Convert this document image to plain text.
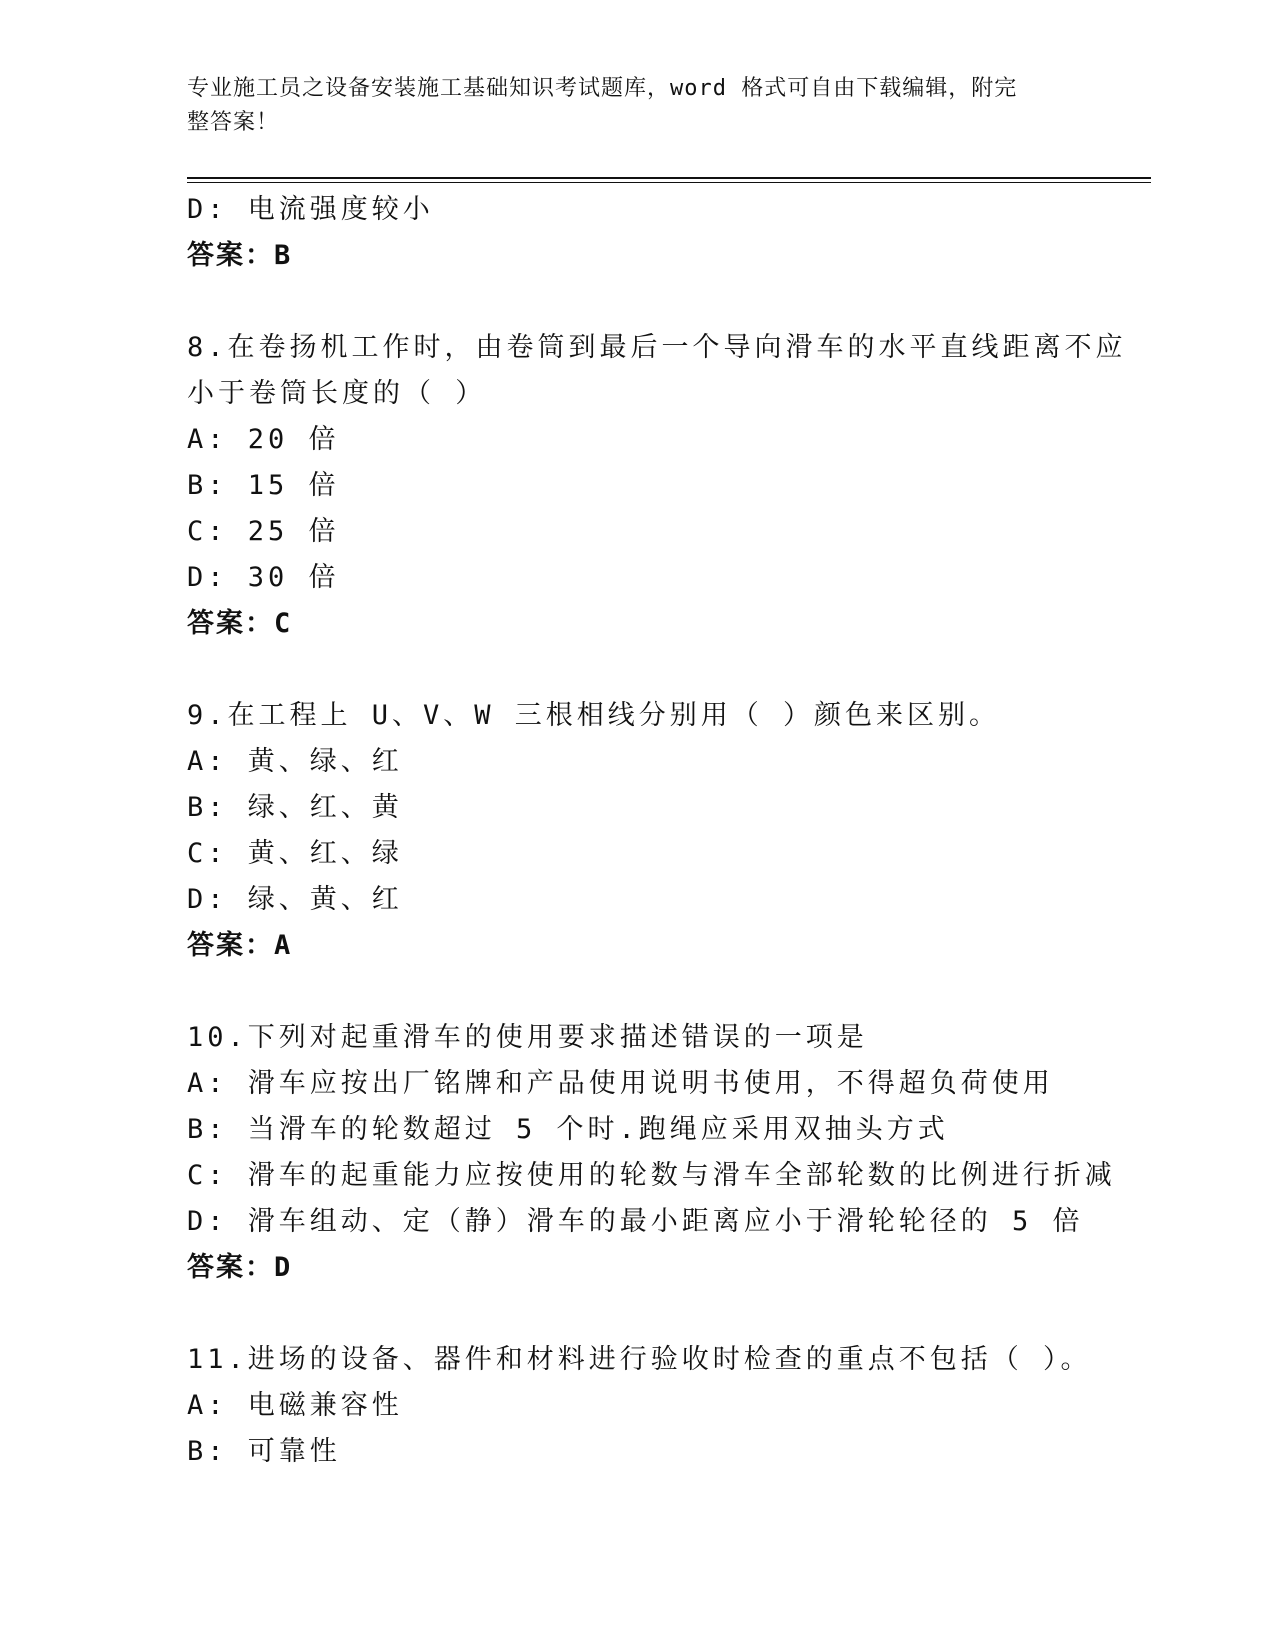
专业施工员之设备安装施工基础知识考试题库，word 格式可自由下载编辑，附完
整答案！
D: 电流强度较小
答案：B
8.在卷扬机工作时，由卷筒到最后一个导向滑车的水平直线距离不应
小于卷筒长度的（ ）
A: 20 倍
B: 15 倍
C: 25 倍
D: 30 倍
答案：C
9.在工程上 U、V、W 三根相线分别用（ ）颜色来区别。
A: 黄、绿、红
B: 绿、红、黄
C: 黄、红、绿
D: 绿、黄、红
答案：A
10.下列对起重滑车的使用要求描述错误的一项是
A: 滑车应按出厂铭牌和产品使用说明书使用，不得超负荷使用
B: 当滑车的轮数超过 5 个时.跑绳应采用双抽头方式
C: 滑车的起重能力应按使用的轮数与滑车全部轮数的比例进行折减
D: 滑车组动、定（静）滑车的最小距离应小于滑轮轮径的 5 倍
答案：D
11.进场的设备、器件和材料进行验收时检查的重点不包括（ ）。
A: 电磁兼容性
B: 可靠性
